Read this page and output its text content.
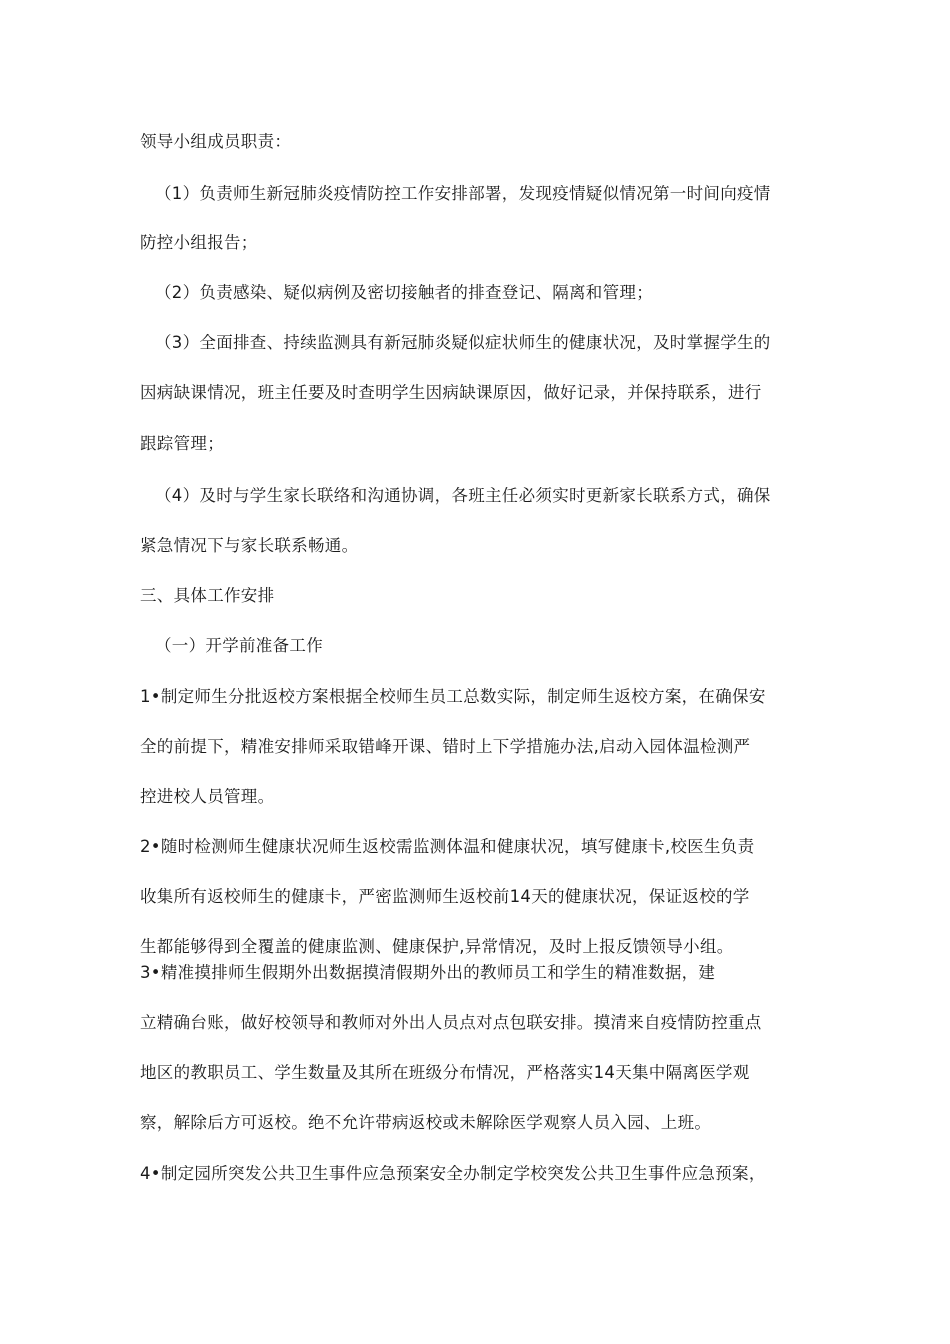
领导小组成员职责：
（1）负责师生新冠肺炎疫情防控工作安排部署，发现疫情疑似情况第一时间向疫情
防控小组报告；
（2）负责感染、疑似病例及密切接触者的排查登记、隔离和管理；
（3）全面排查、持续监测具有新冠肺炎疑似症状师生的健康状况，及时掌握学生的
因病缺课情况，班主任要及时查明学生因病缺课原因，做好记录，并保持联系，进行
跟踪管理；
（4）及时与学生家长联络和沟通协调，各班主任必须实时更新家长联系方式，确保
紧急情况下与家长联系畅通。
三、具体工作安排
（一）开学前准备工作
1•制定师生分批返校方案根据全校师生员工总数实际，制定师生返校方案，在确保安
全的前提下，精准安排师采取错峰开课、错时上下学措施办法,启动入园体温检测严
控进校人员管理。
2•随时检测师生健康状况师生返校需监测体温和健康状况，填写健康卡,校医生负责
收集所有返校师生的健康卡，严密监测师生返校前14天的健康状况，保证返校的学
生都能够得到全覆盖的健康监测、健康保护,异常情况，及时上报反馈领导小组。
3•精准摸排师生假期外出数据摸清假期外出的教师员工和学生的精准数据，建
立精确台账，做好校领导和教师对外出人员点对点包联安排。摸清来自疫情防控重点
地区的教职员工、学生数量及其所在班级分布情况，严格落实14天集中隔离医学观
察，解除后方可返校。绝不允许带病返校或未解除医学观察人员入园、上班。
4•制定园所突发公共卫生事件应急预案安全办制定学校突发公共卫生事件应急预案，
